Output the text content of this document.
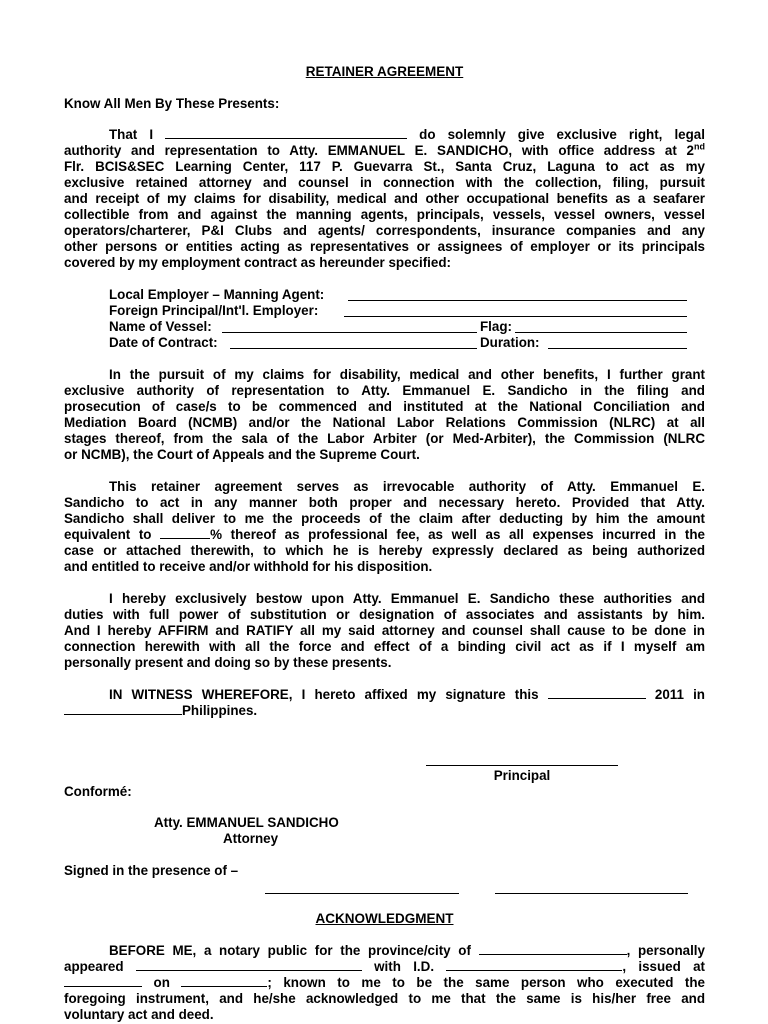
RETAINER AGREEMENT
Know All Men By These Presents:

That I	do solemnly give exclusive right, legal

authority and representation to Atty. EMMANUEL E. SANDICHO, with office address at 2nd

Flr. BCIS&SEC Learning Center, 117 P. Guevarra St., Santa Cruz, Laguna to act as my

exclusive retained attorney and counsel in connection with the collection, filing, pursuit

and receipt of my claims for disability, medical and other occupational benefits as a seafarer

collectible from and against the manning agents, principals, vessels, vessel owners, vessel

operators/charterer, P&I Clubs and agents/ correspondents, insurance companies and any

other persons or entities acting as representatives or assignees of employer or its principals

covered by my employment contract as hereunder specified:

Local Employer – Manning Agent:
Foreign Principal/Int'l. Employer:
Name of Vessel:	Flag:
Date of Contract:	Duration:

In the pursuit of my claims for disability, medical and other benefits, I further grant

exclusive authority of representation to Atty. Emmanuel E. Sandicho in the filing and

prosecution of case/s to be commenced and instituted at the National Conciliation and

Mediation Board (NCMB) and/or the National Labor Relations Commission (NLRC) at all

stages thereof, from the sala of the Labor Arbiter (or Med-Arbiter), the Commission (NLRC

or NCMB), the Court of Appeals and the Supreme Court.

This retainer agreement serves as irrevocable authority of Atty. Emmanuel E.

Sandicho to act in any manner both proper and necessary hereto. Provided that Atty.

Sandicho shall deliver to me the proceeds of the claim after deducting by him the amount

equivalent to	% thereof as professional fee, as well as all expenses incurred in the

case or attached therewith, to which he is hereby expressly declared as being authorized

and entitled to receive and/or withhold for his disposition.

I hereby exclusively bestow upon Atty. Emmanuel E. Sandicho these authorities and

duties with full power of substitution or designation of associates and assistants by him.

And I hereby AFFIRM and RATIFY all my said attorney and counsel shall cause to be done in

connection herewith with all the force and effect of a binding civil act as if I myself am

personally present and doing so by these presents.

IN WITNESS WHEREFORE, I hereto affixed my signature this	2011 in

Philippines.

Principal
Conformé:
Atty. EMMANUEL SANDICHO
Attorney
Signed in the presence of –
ACKNOWLEDGMENT

BEFORE ME, a notary public for the province/city of	, personally

appeared	with I.D.	, issued at

on	; known to me to be the same person who executed the

foregoing instrument, and he/she acknowledged to me that the same is his/her free and

voluntary act and deed.
